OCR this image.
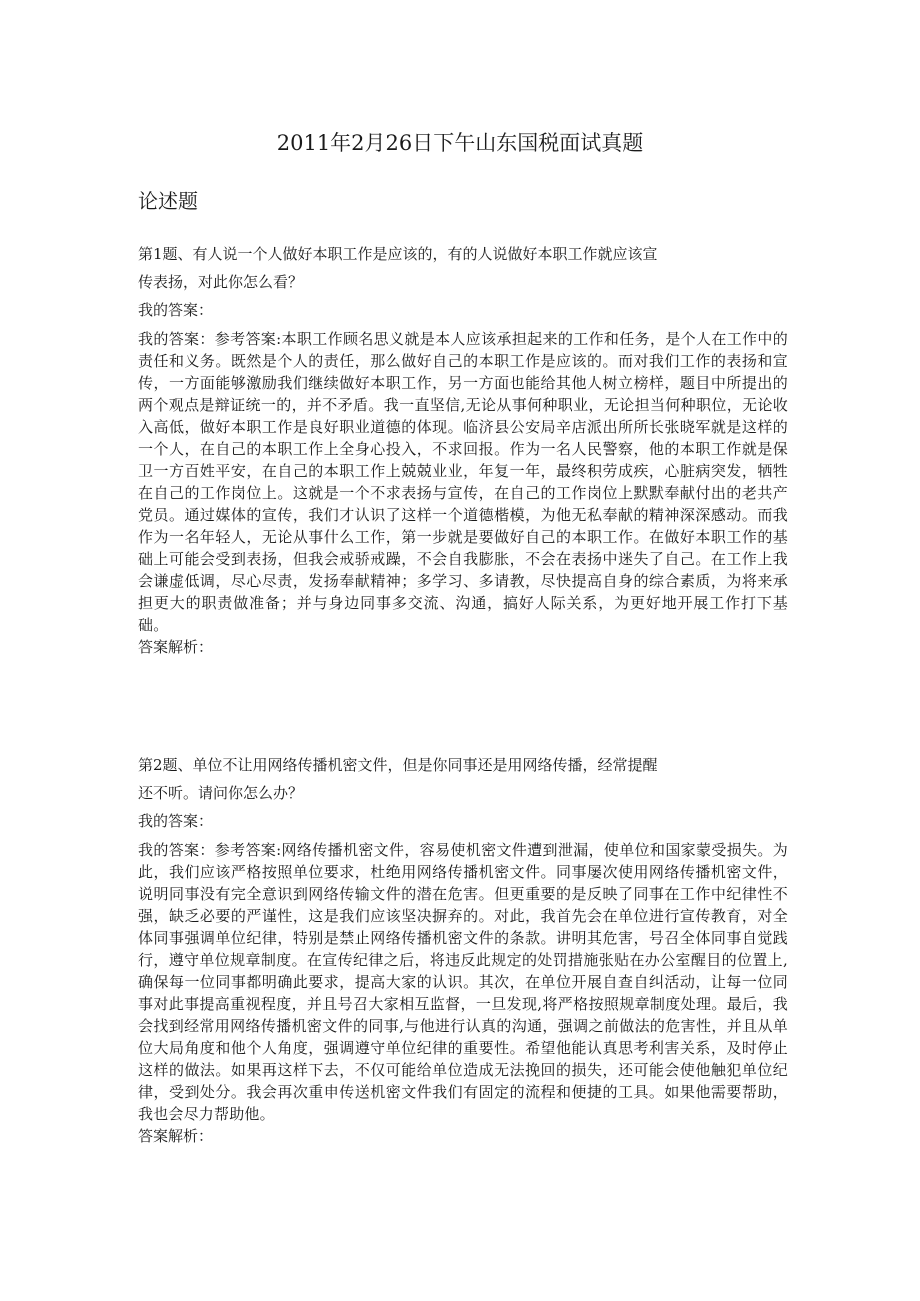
2011年2月26日下午山东国税面试真题
论述题

第1题、有人说一个人做好本职工作是应该的，有的人说做好本职工作就应该宣

传表扬，对此你怎么看？

我的答案：

我的答案：参考答案:本职工作顾名思义就是本人应该承担起来的工作和任务，是个人在工作中的责任和义务。既然是个人的责任，那么做好自己的本职工作是应该的。而对我们工作的表扬和宣传，一方面能够激励我们继续做好本职工作，另一方面也能给其他人树立榜样，题目中所提出的两个观点是辩证统一的，并不矛盾。我一直坚信,无论从事何种职业，无论担当何种职位，无论收入高低，做好本职工作是良好职业道德的体现。临济县公安局辛店派出所所长张晓军就是这样的一个人，在自己的本职工作上全身心投入，不求回报。作为一名人民警察，他的本职工作就是保卫一方百姓平安，在自己的本职工作上兢兢业业，年复一年，最终积劳成疾，心脏病突发，牺牲在自己的工作岗位上。这就是一个不求表扬与宣传，在自己的工作岗位上默默奉献付出的老共产党员。通过媒体的宣传，我们才认识了这样一个道德楷模，为他无私奉献的精神深深感动。而我作为一名年轻人，无论从事什么工作，第一步就是要做好自己的本职工作。在做好本职工作的基础上可能会受到表扬，但我会戒骄戒躁，不会自我膨胀，不会在表扬中迷失了自己。在工作上我会谦虚低调，尽心尽责，发扬奉献精神；多学习、多请教，尽快提高自身的综合素质，为将来承担更大的职责做准备；并与身边同事多交流、沟通，搞好人际关系，为更好地开展工作打下基础。

答案解析：

第2题、单位不让用网络传播机密文件，但是你同事还是用网络传播，经常提醒

还不听。请问你怎么办？

我的答案：

我的答案：参考答案:网络传播机密文件，容易使机密文件遭到泄漏，使单位和国家蒙受损失。为此，我们应该严格按照单位要求，杜绝用网络传播机密文件。同事屡次使用网络传播机密文件，说明同事没有完全意识到网络传输文件的潜在危害。但更重要的是反映了同事在工作中纪律性不强，缺乏必要的严谨性，这是我们应该坚决摒弃的。对此，我首先会在单位进行宣传教育，对全体同事强调单位纪律，特别是禁止网络传播机密文件的条款。讲明其危害，号召全体同事自觉践行，遵守单位规章制度。在宣传纪律之后，将违反此规定的处罚措施张贴在办公室醒目的位置上,确保每一位同事都明确此要求，提高大家的认识。其次，在单位开展自查自纠活动，让每一位同事对此事提高重视程度，并且号召大家相互监督，一旦发现,将严格按照规章制度处理。最后，我会找到经常用网络传播机密文件的同事,与他进行认真的沟通，强调之前做法的危害性，并且从单位大局角度和他个人角度，强调遵守单位纪律的重要性。希望他能认真思考利害关系，及时停止这样的做法。如果再这样下去，不仅可能给单位造成无法挽回的损失，还可能会使他触犯单位纪律，受到处分。我会再次重申传送机密文件我们有固定的流程和便捷的工具。如果他需要帮助，我也会尽力帮助他。

答案解析：
